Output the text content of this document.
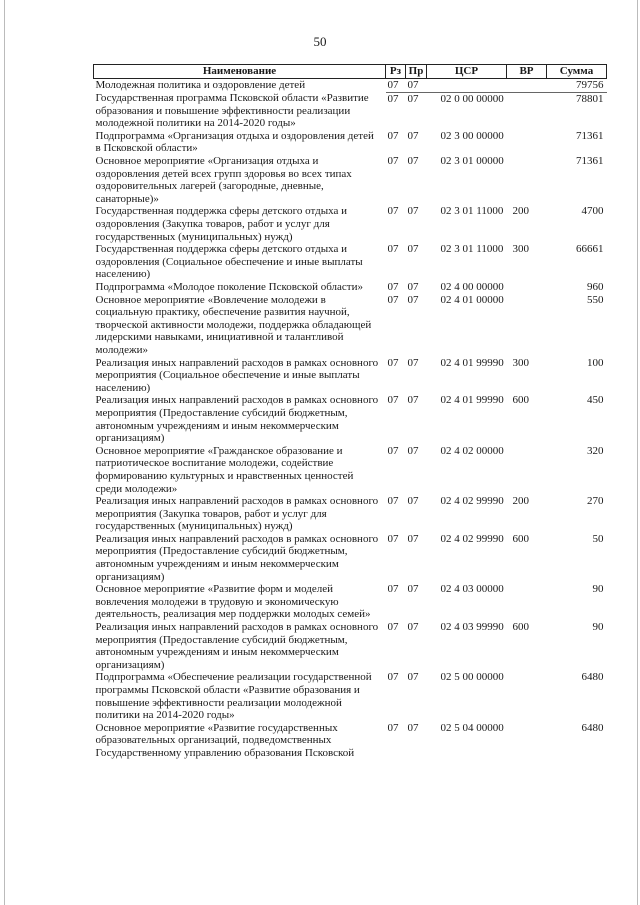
50
Наименование	Рз	Пр	ЦСР	ВР	Сумма
Молодежная политика и оздоровление детей	07	07			79756
Государственная программа Псковской области «Развитие образования и повышение эффективности реализации молодежной политики на 2014-2020 годы»	07	07	02 0 00 00000		78801
Подпрограмма «Организация отдыха и оздоровления детей в Псковской области»	07	07	02 3 00 00000		71361
Основное мероприятие «Организация отдыха и оздоровления детей всех групп здоровья во всех типах оздоровительных лагерей (загородные, дневные, санаторные)»	07	07	02 3 01 00000		71361
Государственная поддержка сферы детского отдыха и оздоровления (Закупка товаров, работ и услуг для государственных (муниципальных) нужд)	07	07	02 3 01 11000	200	4700
Государственная поддержка сферы детского отдыха и оздоровления (Социальное обеспечение и иные выплаты населению)	07	07	02 3 01 11000	300	66661
Подпрограмма «Молодое поколение Псковской области»	07	07	02 4 00 00000		960
Основное мероприятие «Вовлечение молодежи в социальную практику, обеспечение развития научной, творческой активности молодежи, поддержка обладающей лидерскими навыками, инициативной и талантливой молодежи»	07	07	02 4 01 00000		550
Реализация иных направлений расходов в рамках основного мероприятия (Социальное обеспечение и иные выплаты населению)	07	07	02 4 01 99990	300	100
Реализация иных направлений расходов в рамках основного мероприятия (Предоставление субсидий бюджетным, автономным учреждениям и иным некоммерческим организациям)	07	07	02 4 01 99990	600	450
Основное мероприятие «Гражданское образование и патриотическое воспитание молодежи, содействие формированию культурных и нравственных ценностей среди молодежи»	07	07	02 4 02 00000		320
Реализация иных направлений расходов в рамках основного мероприятия (Закупка товаров, работ и услуг для государственных (муниципальных) нужд)	07	07	02 4 02 99990	200	270
Реализация иных направлений расходов в рамках основного мероприятия (Предоставление субсидий бюджетным, автономным учреждениям и иным некоммерческим организациям)	07	07	02 4 02 99990	600	50
Основное мероприятие «Развитие форм и моделей вовлечения молодежи в трудовую и экономическую деятельность, реализация мер поддержки молодых семей»	07	07	02 4 03 00000		90
Реализация иных направлений расходов в рамках основного мероприятия (Предоставление субсидий бюджетным, автономным учреждениям и иным некоммерческим организациям)	07	07	02 4 03 99990	600	90
Подпрограмма «Обеспечение реализации государственной программы Псковской области «Развитие образования и повышение эффективности реализации молодежной политики на 2014-2020 годы»	07	07	02 5 00 00000		6480
Основное мероприятие «Развитие государственных образовательных организаций, подведомственных Государственному управлению образования Псковской	07	07	02 5 04 00000		6480
